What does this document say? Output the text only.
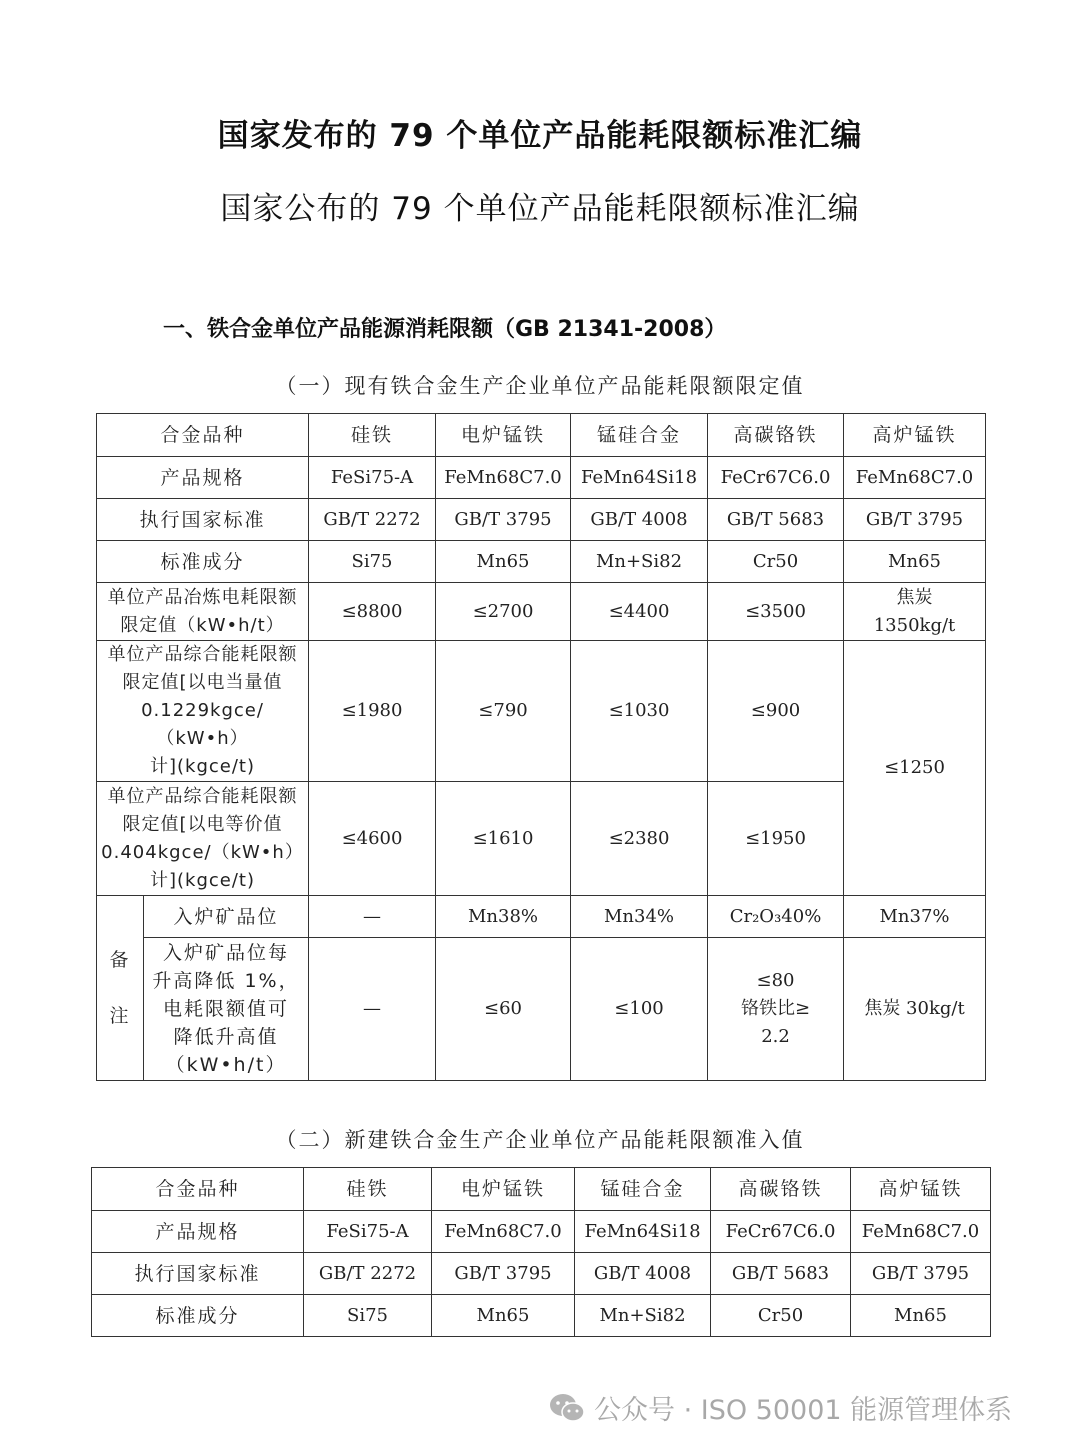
国家发布的 79 个单位产品能耗限额标准汇编
国家公布的 79 个单位产品能耗限额标准汇编
一、铁合金单位产品能源消耗限额（GB 21341-2008）
（一）现有铁合金生产企业单位产品能耗限额限定值
合金品种		硅铁	电炉锰铁	锰硅合金	高碳铬铁	高炉锰铁
产品规格		FeSi75-A	FeMn68C7.0	FeMn64Si18	FeCr67C6.0	FeMn68C7.0
执行国家标准		GB/T 2272	GB/T 3795	GB/T 4008	GB/T 5683	GB/T 3795
标准成分		Si75	Mn65	Mn+Si82	Cr50	Mn65
单位产品冶炼电耗限额
限定值（kW•h/t）		≤8800	≤2700	≤4400	≤3500	焦炭
1350kg/t
单位产品综合能耗限额
限定值[以电当量值
0.1229kgce/（kW•h）
计](kgce/t)		≤1980	≤790	≤1030	≤900	≤1250
单位产品综合能耗限额
限定值[以电等价值
0.404kgce/（kW•h）
计](kgce/t)		≤4600	≤1610	≤2380	≤1950	
备

注	入炉矿品位	—	Mn38%	Mn34%	Cr₂O₃40%	Mn37%
	入炉矿品位每
升高降低 1%，
电耗限额值可
降低升高值
（kW•h/t）	—	≤60	≤100	≤80
铬铁比≥
2.2	焦炭 30kg/t
（二）新建铁合金生产企业单位产品能耗限额准入值
合金品种	硅铁	电炉锰铁	锰硅合金	高碳铬铁	高炉锰铁
产品规格	FeSi75-A	FeMn68C7.0	FeMn64Si18	FeCr67C6.0	FeMn68C7.0
执行国家标准	GB/T 2272	GB/T 3795	GB/T 4008	GB/T 5683	GB/T 3795
标准成分	Si75	Mn65	Mn+Si82	Cr50	Mn65
公众号 · ISO 50001 能源管理体系
